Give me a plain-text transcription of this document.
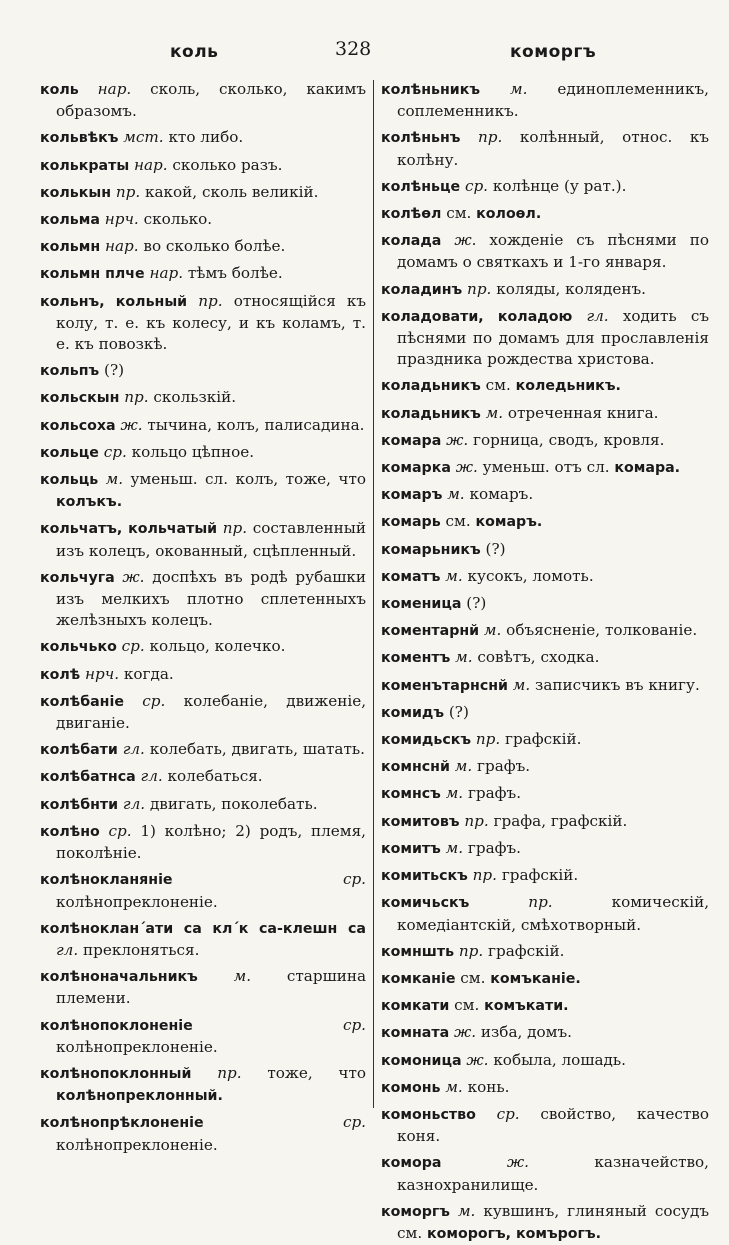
коль	328	коморгъ
коль нар. сколь, сколько, какимъ образомъ.
кольвѣкъ мст. кто либо.
колькраты нар. сколько разъ.
колькын пр. какой, сколь великій.
кольма нрч. сколько.
кольмн нар. во сколько болѣе.
кольмн плче нар. тѣмъ болѣе.
кольнъ, кольный пр. относящійся къ колу, т. е. къ колесу, и къ коламъ, т. е. къ повозкѣ.
кольпъ (?)
кольскын пр. скользкій.
кольсоха ж. тычина, колъ, палисадина.
кольце ср. кольцо цѣпное.
кольць м. уменьш. сл. колъ, тоже, что колъкъ.
кольчатъ, кольчатый пр. составленный изъ колецъ, окованный, сцѣпленный.
кольчуга ж. доспѣхъ въ родѣ рубашки изъ мелкихъ плотно сплетенныхъ желѣзныхъ колецъ.
кольчько ср. кольцо, колечко.
колѣ нрч. когда.
колѣбаніе ср. колебаніе, движеніе, двиганіе.
колѣбати гл. колебать, двигать, шатать.
колѣбатнса гл. колебаться.
колѣбнти гл. двигать, поколебать.
колѣно ср. 1) колѣно; 2) родъ, племя, поколѣніе.
колѣнокланяніе	ср. колѣнопреклоненіе.
колѣноклан΄ати са кл΄к са-клешн са гл. преклоняться.
колѣноначальникъ м. старшина племени.
колѣнопоклоненіе	ср. колѣнопреклоненіе.
колѣнопоклонный пр. тоже, что колѣнопреклонный.
колѣнопрѣклоненіе	ср. колѣнопреклоненіе.
колѣньникъ м. единоплеменникъ, соплеменникъ.
колѣньнъ пр. колѣнный, относ. къ колѣну.
колѣньце ср. колѣнце (у рат.).
колѣѳл см. колоѳл.
колада ж. хожденіе съ пѣснями по домамъ о святкахъ и 1-го января.
коладинъ пр. коляды, коляденъ.
коладовати, коладою гл. ходить съ пѣснями по домамъ для прославленія праздника рождества христова.
коладьникъ см. коледьникъ.
коладьникъ м. отреченная книга.
комара ж. горница, сводъ, кровля.
комарка ж. уменьш. отъ сл. комара.
комаръ м. комаръ.
комарь см. комаръ.
комарьникъ (?)
коматъ м. кусокъ, ломоть.
коменица (?)
коментарнй м. объясненіе, толкованіе.
коментъ м. совѣтъ, сходка.
коменътарнснй м. записчикъ въ книгу.
комидъ (?)
комидьскъ пр. графскій.
комнснй м. графъ.
комнсъ м. графъ.
комитовъ пр. графа, графскій.
комитъ м. графъ.
комитьскъ пр. графскій.
комичьскъ	пр.	комическій, комедіантскій, смѣхотворный.
комншть пр. графскій.
комканіе см. комъканіе.
комкати см. комъкати.
комната ж. изба, домъ.
комоница ж. кобыла, лошадь.
комонь м. конь.
комоньство ср. свойство, качество коня.
комора	ж.	казначейство, казнохранилище.
коморгъ м. кувшинъ, глиняный сосудъ см. коморогъ, комърогъ.
